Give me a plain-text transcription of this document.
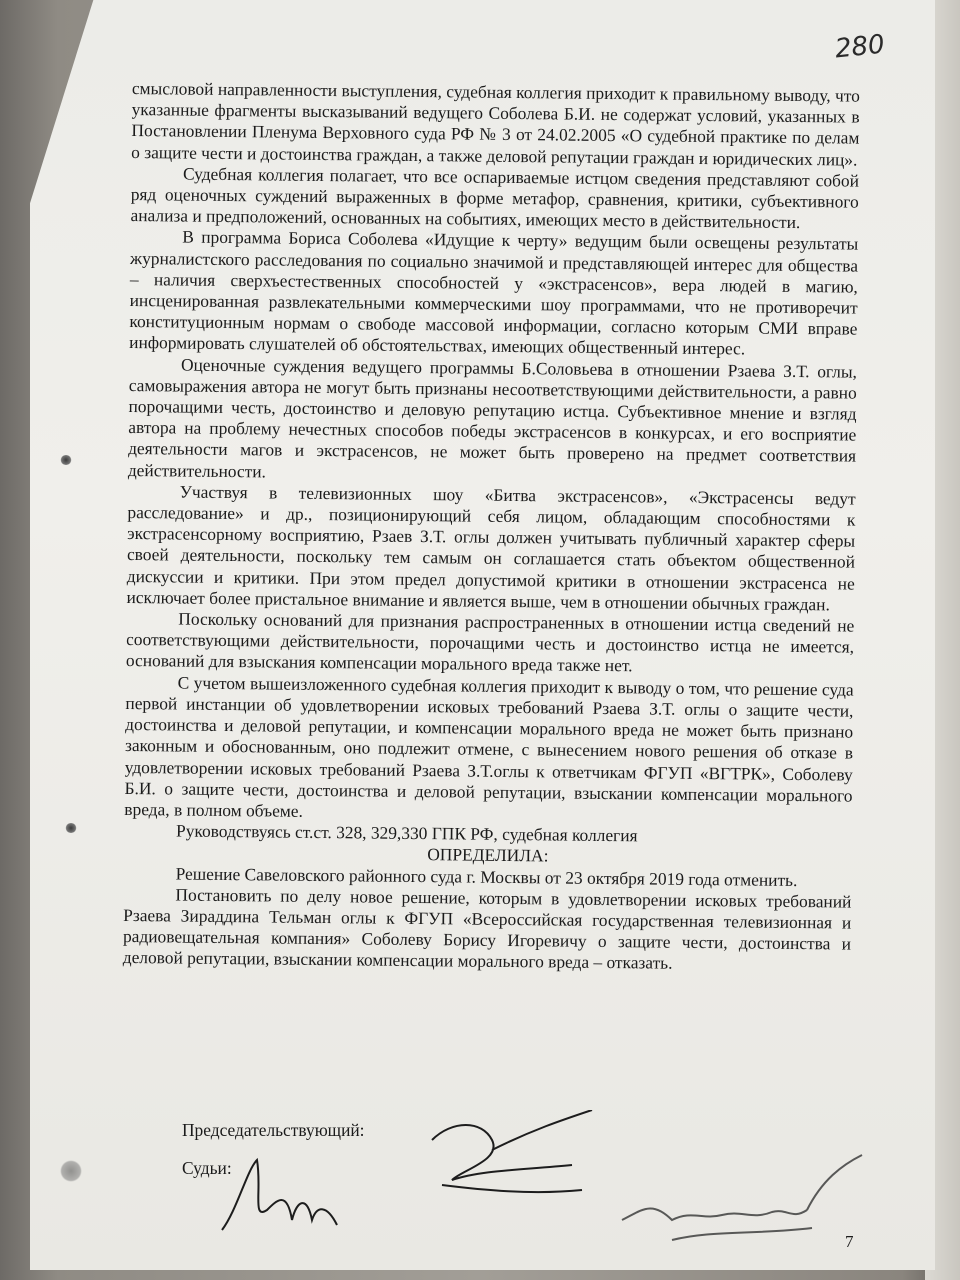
280

смысловой направленности выступления, судебная коллегия приходит к правильному выводу, что указанные фрагменты высказываний ведущего Соболева Б.И. не содержат условий, указанных в Постановлении Пленума Верховного суда РФ № 3 от 24.02.2005 «О судебной практике по делам о защите чести и достоинства граждан, а также деловой репутации граждан и юридических лиц».

Судебная коллегия полагает, что все оспариваемые истцом сведения представляют собой ряд оценочных суждений выраженных в форме метафор, сравнения, критики, субъективного анализа и предположений, основанных на событиях, имеющих место в действительности.

В программа Бориса Соболева «Идущие к черту» ведущим были освещены результаты журналистского расследования по социально значимой и представляющей интерес для общества – наличия сверхъестественных способностей у «экстрасенсов», вера людей в магию, инсценированная развлекательными коммерческими шоу программами, что не противоречит конституционным нормам о свободе массовой информации, согласно которым СМИ вправе информировать слушателей об обстоятельствах, имеющих общественный интерес.

Оценочные суждения ведущего программы Б.Соловьева в отношении Рзаева З.Т. оглы, самовыражения автора не могут быть признаны несоответствующими действительности, а равно порочащими честь, достоинство и деловую репутацию истца. Субъективное мнение и взгляд автора на проблему нечестных способов победы экстрасенсов в конкурсах, и его восприятие деятельности магов и экстрасенсов, не может быть проверено на предмет соответствия действительности.

Участвуя в телевизионных шоу «Битва экстрасенсов», «Экстрасенсы ведут расследование» и др., позиционирующий себя лицом, обладающим способностями к экстрасенсорному восприятию, Рзаев З.Т. оглы должен учитывать публичный характер сферы своей деятельности, поскольку тем самым он соглашается стать объектом общественной дискуссии и критики. При этом предел допустимой критики в отношении экстрасенса не исключает более пристальное внимание и является выше, чем в отношении обычных граждан.

Поскольку оснований для признания распространенных в отношении истца сведений не соответствующими действительности, порочащими честь и достоинство истца не имеется, оснований для взыскания компенсации морального вреда также нет.

С учетом вышеизложенного судебная коллегия приходит к выводу о том, что решение суда первой инстанции об удовлетворении исковых требований Рзаева З.Т. оглы о защите чести, достоинства и деловой репутации, и компенсации морального вреда не может быть признано законным и обоснованным, оно подлежит отмене, с вынесением нового решения об отказе в удовлетворении исковых требований Рзаева З.Т.оглы к ответчикам ФГУП «ВГТРК», Соболеву Б.И. о защите чести, достоинства и деловой репутации, взыскании компенсации морального вреда, в полном объеме.

Руководствуясь ст.ст. 328, 329,330 ГПК РФ, судебная коллегия

ОПРЕДЕЛИЛА:

Решение Савеловского районного суда г. Москвы от 23 октября 2019 года отменить.

Постановить по делу новое решение, которым в удовлетворении исковых требований Рзаева Зираддина Тельман оглы к ФГУП «Всероссийская государственная телевизионная и радиовещательная компания» Соболеву Борису Игоревичу о защите чести, достоинства и деловой репутации, взыскании компенсации морального вреда – отказать.

Председательствующий:
Судьи:
7
